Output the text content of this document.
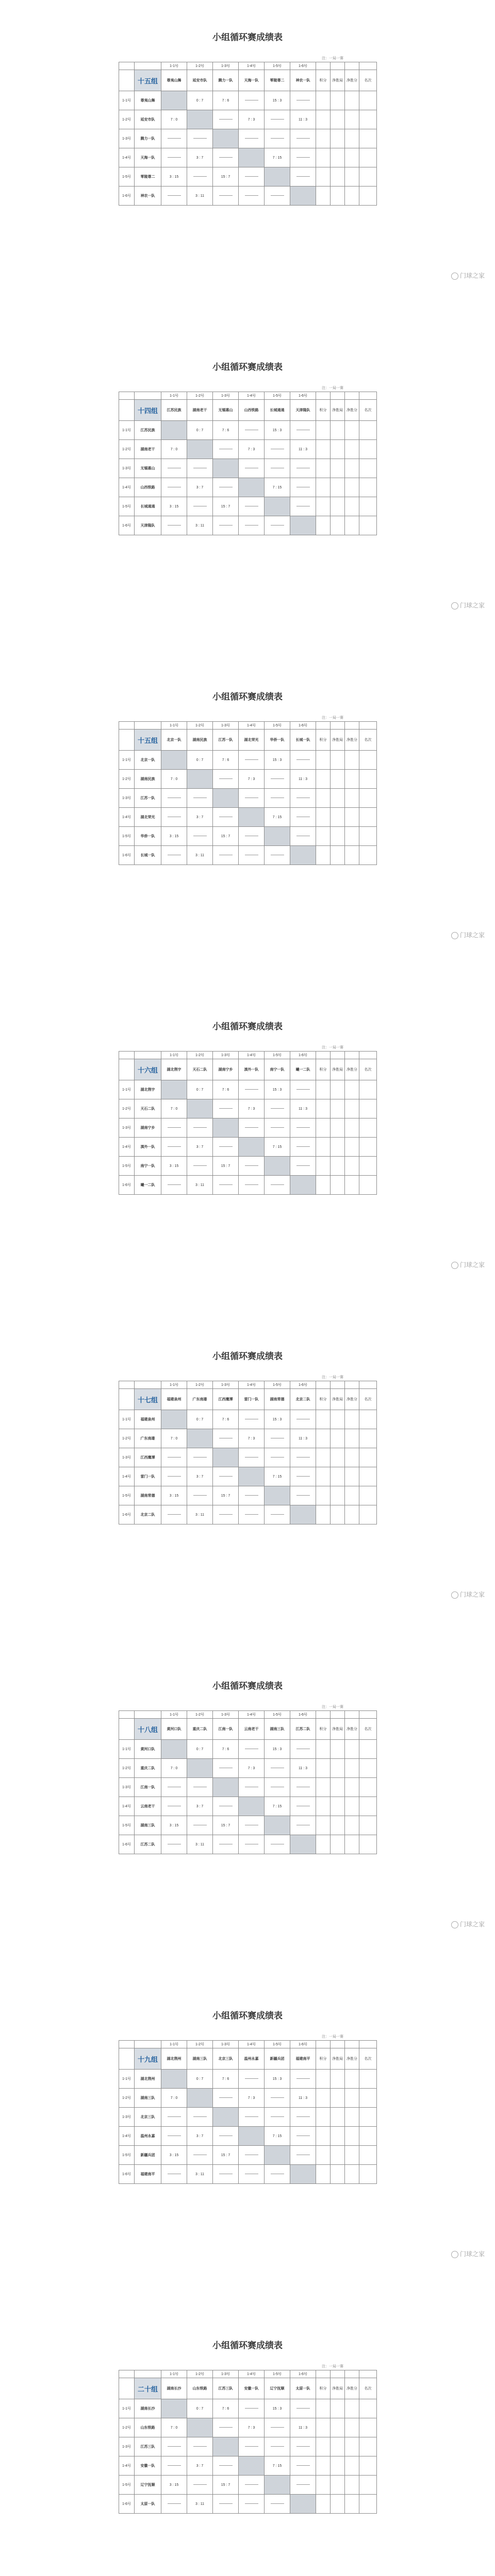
小组循环赛成绩表
注：一局一赛
		1-1号	1-2号	1-3号	1-4号	1-5号	1-6号				
	十五组	尊夷山舞	延安市队	腾力一队	天海一队	零陵尊二	神农一队	积分	净胜局	净胜分	名次
1-1号	尊夷山舞		0 : 7	7 : 6		15 : 3					

1-2号	延安市队	7 : 0			7 : 3		11 : 3				

1-3号	腾力一队										
1-4号	天海一队		3 : 7			7 : 15					

1-5号	零陵尊二	3 : 15		15 : 7							

1-6号	神农一队		3 : 11								

门球之家
小组循环赛成绩表
注：一局一赛
		1-1号	1-2号	1-3号	1-4号	1-5号	1-6号				
	十四组	江苏民族	湖南老干	无锡惠山	山西铁路	长城通通	天津隆队	积分	净胜局	净胜分	名次
1-1号	江苏民族		0 : 7	7 : 6		15 : 3					

1-2号	湖南老干	7 : 0			7 : 3		11 : 3				

1-3号	无锡惠山										
1-4号	山西铁路		3 : 7			7 : 15					

1-5号	长城通通	3 : 15		15 : 7							

1-6号	天津隆队		3 : 11								

门球之家
小组循环赛成绩表
注：一局一赛
		1-1号	1-2号	1-3号	1-4号	1-5号	1-6号				
	十五组	北京一队	湖南民族	江苏一队	湖北荣光	华侨一队	长城一队	积分	净胜局	净胜分	名次
1-1号	北京一队		0 : 7	7 : 6		15 : 3					

1-2号	湖南民族	7 : 0			7 : 3		11 : 3				

1-3号	江苏一队										
1-4号	湖北荣光		3 : 7			7 : 15					

1-5号	华侨一队	3 : 15		15 : 7							

1-6号	长城一队		3 : 11								

门球之家
小组循环赛成绩表
注：一局一赛
		1-1号	1-2号	1-3号	1-4号	1-5号	1-6号				
	十六组	湖北荆宇	天石二队	湖南宁乡	滇外一队	南宁一队	曦一二队	积分	净胜局	净胜分	名次
1-1号	湖北荆宇		0 : 7	7 : 6		15 : 3					

1-2号	天石二队	7 : 0			7 : 3		11 : 3				

1-3号	湖南宁乡										
1-4号	滇外一队		3 : 7			7 : 15					

1-5号	南宁一队	3 : 15		15 : 7							

1-6号	曦一二队		3 : 11								

门球之家
小组循环赛成绩表
注：一局一赛
		1-1号	1-2号	1-3号	1-4号	1-5号	1-6号				
	十七组	福建泉州	广东南雄	江西鹰潭	雷门一队	湖南常德	北京二队	积分	净胜局	净胜分	名次
1-1号	福建泉州		0 : 7	7 : 6		15 : 3					

1-2号	广东南雄	7 : 0			7 : 3		11 : 3				

1-3号	江西鹰潭										
1-4号	雷门一队		3 : 7			7 : 15					

1-5号	湖南常德	3 : 15		15 : 7							

1-6号	北京二队		3 : 11								

门球之家
小组循环赛成绩表
注：一局一赛
		1-1号	1-2号	1-3号	1-4号	1-5号	1-6号				
	十八组	黄河口队	重庆二队	江南一队	云南老干	湖南三队	江苏二队	积分	净胜局	净胜分	名次
1-1号	黄河口队		0 : 7	7 : 6		15 : 3					

1-2号	重庆二队	7 : 0			7 : 3		11 : 3				

1-3号	江南一队										
1-4号	云南老干		3 : 7			7 : 15					

1-5号	湖南三队	3 : 15		15 : 7							

1-6号	江苏二队		3 : 11								

门球之家
小组循环赛成绩表
注：一局一赛
		1-1号	1-2号	1-3号	1-4号	1-5号	1-6号				
	十九组	湖北荆州	湖南三队	北京三队	温州永嘉	新疆兵团	福建南平	积分	净胜局	净胜分	名次
1-1号	湖北荆州		0 : 7	7 : 6		15 : 3					

1-2号	湖南三队	7 : 0			7 : 3		11 : 3				

1-3号	北京三队										
1-4号	温州永嘉		3 : 7			7 : 15					

1-5号	新疆兵团	3 : 15		15 : 7							

1-6号	福建南平		3 : 11								

门球之家
小组循环赛成绩表
注：一局一赛
		1-1号	1-2号	1-3号	1-4号	1-5号	1-6号				
	二十组	湖南长沙	山东铁路	江苏三队	安徽一队	辽宁抚顺	太原一队	积分	净胜局	净胜分	名次
1-1号	湖南长沙		0 : 7	7 : 6		15 : 3					

1-2号	山东铁路	7 : 0			7 : 3		11 : 3				

1-3号	江苏三队										
1-4号	安徽一队		3 : 7			7 : 15					

1-5号	辽宁抚顺	3 : 15		15 : 7							

1-6号	太原一队		3 : 11								
